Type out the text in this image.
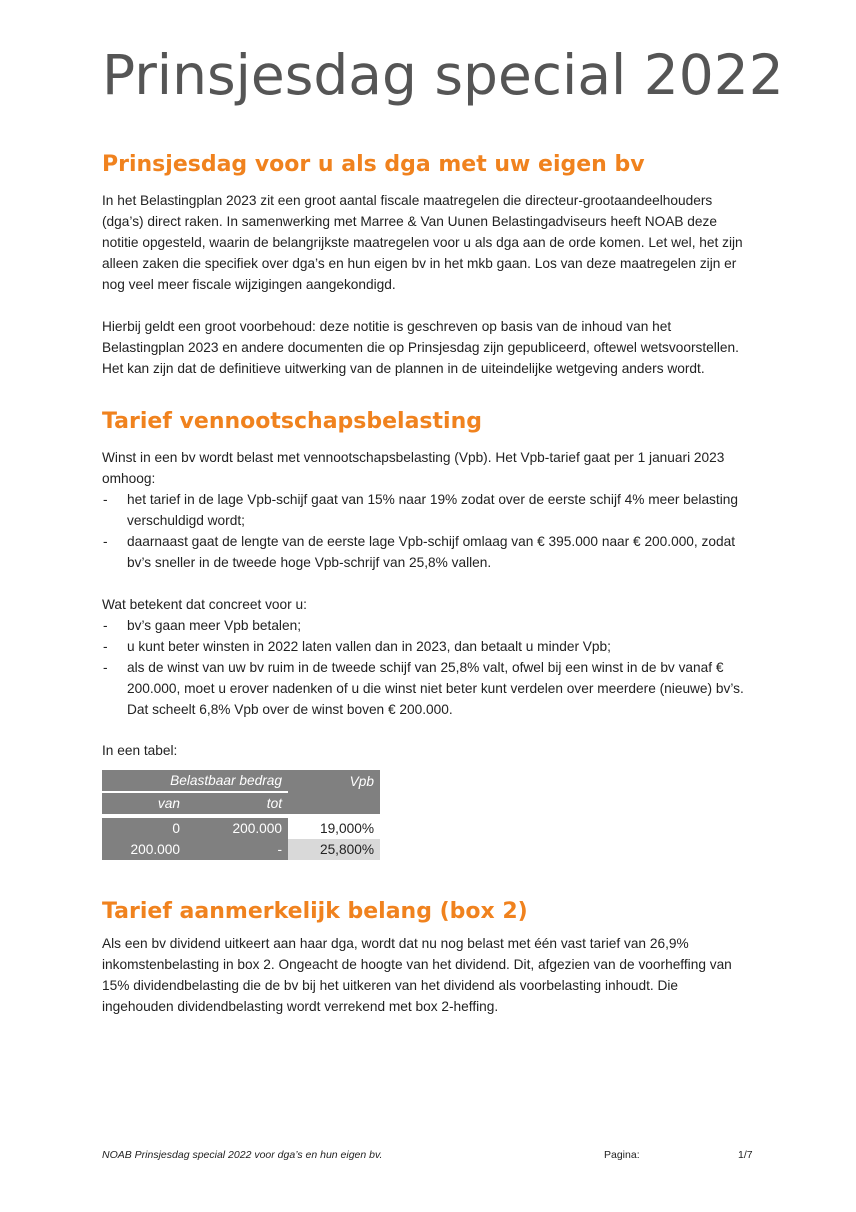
Prinsjesdag special 2022
Prinsjesdag voor u als dga met uw eigen bv

In het Belastingplan 2023 zit een groot aantal fiscale maatregelen die directeur-grootaandeelhouders (dga’s) direct raken. In samenwerking met Marree & Van Uunen Belastingadviseurs heeft NOAB deze notitie opgesteld, waarin de belangrijkste maatregelen voor u als dga aan de orde komen. Let wel, het zijn alleen zaken die specifiek over dga’s en hun eigen bv in het mkb gaan. Los van deze maatregelen zijn er nog veel meer fiscale wijzigingen aangekondigd.

Hierbij geldt een groot voorbehoud: deze notitie is geschreven op basis van de inhoud van het Belastingplan 2023 en andere documenten die op Prinsjesdag zijn gepubliceerd, oftewel wetsvoorstellen. Het kan zijn dat de definitieve uitwerking van de plannen in de uiteindelijke wetgeving anders wordt.

Tarief vennootschapsbelasting

Winst in een bv wordt belast met vennootschapsbelasting (Vpb). Het Vpb-tarief gaat per 1 januari 2023 omhoog:

- het tarief in de lage Vpb-schijf gaat van 15% naar 19% zodat over de eerste schijf 4% meer belasting verschuldigd wordt;
- daarnaast gaat de lengte van de eerste lage Vpb-schijf omlaag van € 395.000 naar € 200.000, zodat bv’s sneller in de tweede hoge Vpb-schrijf van 25,8% vallen.

Wat betekent dat concreet voor u:

- bv’s gaan meer Vpb betalen;
- u kunt beter winsten in 2022 laten vallen dan in 2023, dan betaalt u minder Vpb;
- als de winst van uw bv ruim in de tweede schijf van 25,8% valt, ofwel bij een winst in de bv vanaf € 200.000, moet u erover nadenken of u die winst niet beter kunt verdelen over meerdere (nieuwe) bv’s. Dat scheelt 6,8% Vpb over de winst boven € 200.000.

In een tabel:

Belastbaar bedrag		Vpb
van	tot	

0	200.000	19,000%
200.000	-	25,800%
Tarief aanmerkelijk belang (box 2)

Als een bv dividend uitkeert aan haar dga, wordt dat nu nog belast met één vast tarief van 26,9% inkomstenbelasting in box 2. Ongeacht de hoogte van het dividend. Dit, afgezien van de voorheffing van 15% dividendbelasting die de bv bij het uitkeren van het dividend als voorbelasting inhoudt. Die ingehouden dividendbelasting wordt verrekend met box 2-heffing.

NOAB Prinsjesdag special 2022 voor dga’s en hun eigen bv.	Pagina:	1/7
